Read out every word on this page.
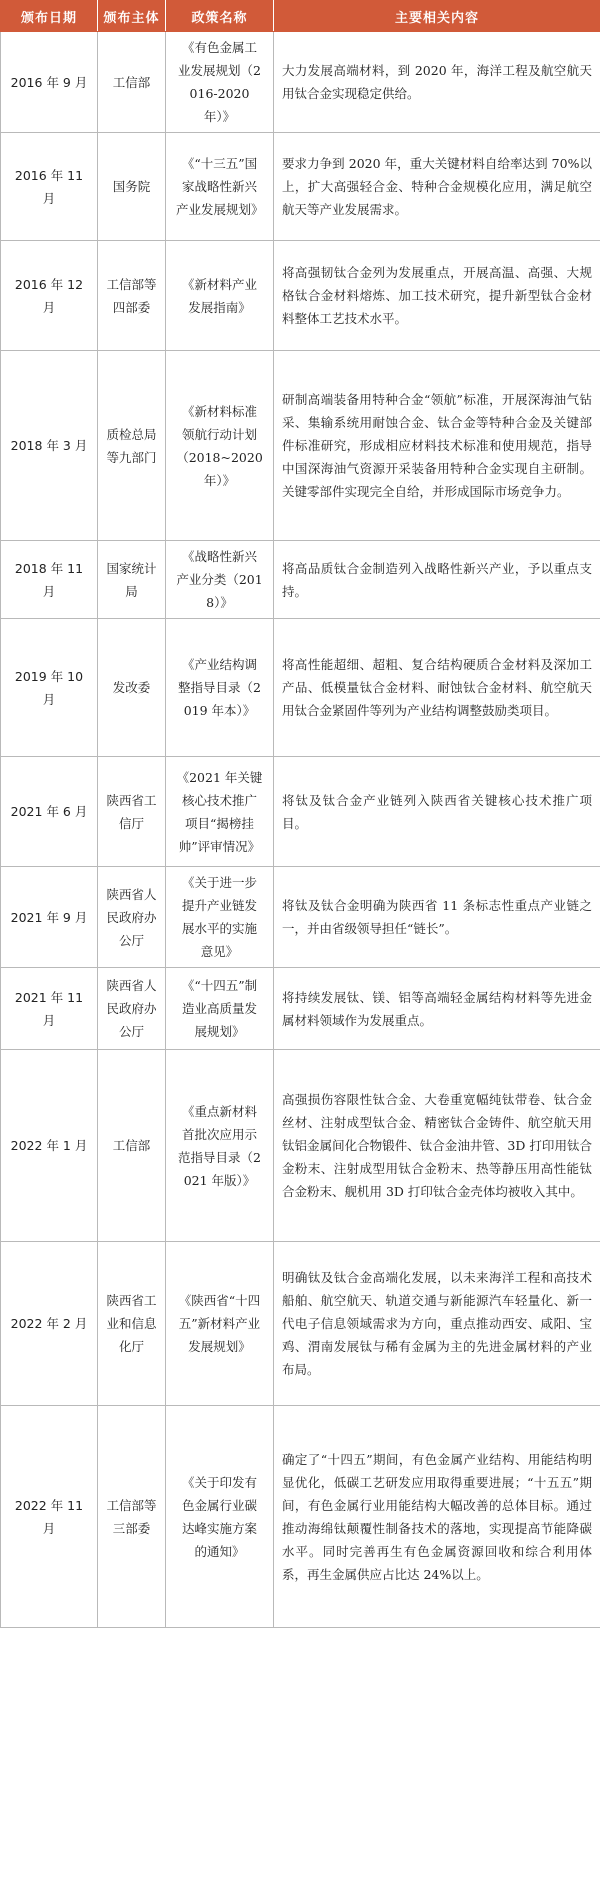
颁布日期	颁布主体	政策名称	主要相关内容
2016 年 9 月	工信部	《有色金属工业发展规划（2016-2020 年）》	大力发展高端材料，到 2020 年，海洋工程及航空航天用钛合金实现稳定供给。
2016 年 11 月	国务院	《“十三五”国家战略性新兴产业发展规划》	要求力争到 2020 年，重大关键材料自给率达到 70%以上，扩大高强轻合金、特种合金规模化应用，满足航空航天等产业发展需求。
2016 年 12 月	工信部等四部委	《新材料产业发展指南》	将高强韧钛合金列为发展重点，开展高温、高强、大规格钛合金材料熔炼、加工技术研究，提升新型钛合金材料整体工艺技术水平。
2018 年 3 月	质检总局等九部门	《新材料标准领航行动计划（2018~2020 年）》	研制高端装备用特种合金“领航”标准，开展深海油气钻采、集输系统用耐蚀合金、钛合金等特种合金及关键部件标准研究，形成相应材料技术标准和使用规范，指导中国深海油气资源开采装备用特种合金实现自主研制。关键零部件实现完全自给，并形成国际市场竞争力。
2018 年 11 月	国家统计局	《战略性新兴产业分类（2018）》	将高品质钛合金制造列入战略性新兴产业，予以重点支持。
2019 年 10 月	发改委	《产业结构调整指导目录（2019 年本）》	将高性能超细、超粗、复合结构硬质合金材料及深加工产品、低模量钛合金材料、耐蚀钛合金材料、航空航天用钛合金紧固件等列为产业结构调整鼓励类项目。
2021 年 6 月	陕西省工信厅	《2021 年关键核心技术推广项目“揭榜挂帅”评审情况》	将钛及钛合金产业链列入陕西省关键核心技术推广项目。
2021 年 9 月	陕西省人民政府办公厅	《关于进一步提升产业链发展水平的实施意见》	将钛及钛合金明确为陕西省 11 条标志性重点产业链之一，并由省级领导担任“链长”。
2021 年 11 月	陕西省人民政府办公厅	《“十四五”制造业高质量发展规划》	将持续发展钛、镁、铝等高端轻金属结构材料等先进金属材料领域作为发展重点。
2022 年 1 月	工信部	《重点新材料首批次应用示范指导目录（2021 年版）》	高强损伤容限性钛合金、大卷重宽幅纯钛带卷、钛合金丝材、注射成型钛合金、精密钛合金铸件、航空航天用钛铝金属间化合物锻件、钛合金油井管、3D 打印用钛合金粉末、注射成型用钛合金粉末、热等静压用高性能钛合金粉末、舰机用 3D 打印钛合金壳体均被收入其中。
2022 年 2 月	陕西省工业和信息化厅	《陕西省“十四五”新材料产业发展规划》	明确钛及钛合金高端化发展，以未来海洋工程和高技术船舶、航空航天、轨道交通与新能源汽车轻量化、新一代电子信息领域需求为方向，重点推动西安、咸阳、宝鸡、渭南发展钛与稀有金属为主的先进金属材料的产业布局。
2022 年 11 月	工信部等三部委	《关于印发有色金属行业碳达峰实施方案的通知》	确定了“十四五”期间，有色金属产业结构、用能结构明显优化，低碳工艺研发应用取得重要进展；“十五五”期间，有色金属行业用能结构大幅改善的总体目标。通过推动海绵钛颠覆性制备技术的落地，实现提高节能降碳水平。同时完善再生有色金属资源回收和综合利用体系，再生金属供应占比达 24%以上。
